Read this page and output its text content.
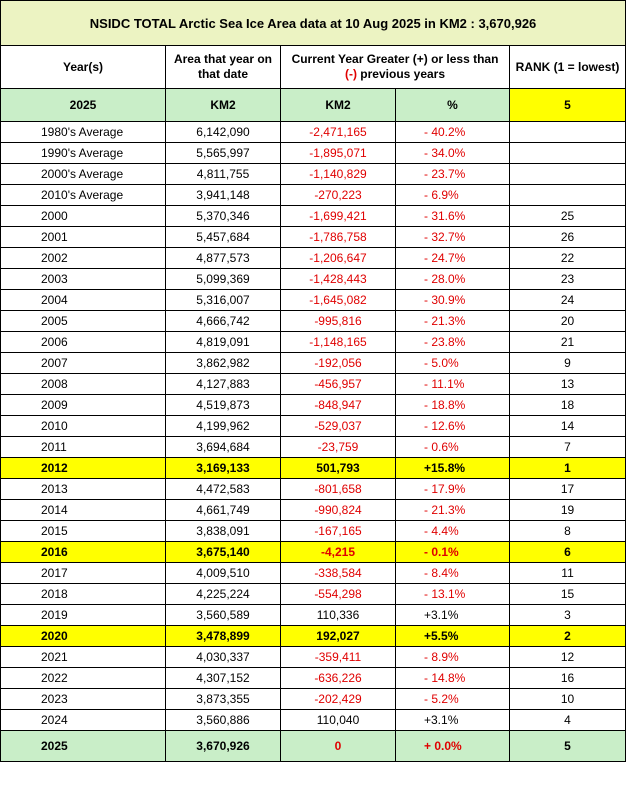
NSIDC TOTAL Arctic Sea Ice Area data at 10 Aug 2025 in KM2 : 3,670,926				
Year(s)	Area that year on that date	Current Year Greater (+) or less than (-) previous years		RANK (1 = lowest)
2025	KM2	KM2	%	5
1980's Average	6,142,090	-2,471,165	- 40.2%	
1990's Average	5,565,997	-1,895,071	- 34.0%	
2000's Average	4,811,755	-1,140,829	- 23.7%	
2010's Average	3,941,148	-270,223	- 6.9%	
2000	5,370,346	-1,699,421	- 31.6%	25
2001	5,457,684	-1,786,758	- 32.7%	26
2002	4,877,573	-1,206,647	- 24.7%	22
2003	5,099,369	-1,428,443	- 28.0%	23
2004	5,316,007	-1,645,082	- 30.9%	24
2005	4,666,742	-995,816	- 21.3%	20
2006	4,819,091	-1,148,165	- 23.8%	21
2007	3,862,982	-192,056	- 5.0%	9
2008	4,127,883	-456,957	- 11.1%	13
2009	4,519,873	-848,947	- 18.8%	18
2010	4,199,962	-529,037	- 12.6%	14
2011	3,694,684	-23,759	- 0.6%	7
2012	3,169,133	501,793	+15.8%	1
2013	4,472,583	-801,658	- 17.9%	17
2014	4,661,749	-990,824	- 21.3%	19
2015	3,838,091	-167,165	- 4.4%	8
2016	3,675,140	-4,215	- 0.1%	6
2017	4,009,510	-338,584	- 8.4%	11
2018	4,225,224	-554,298	- 13.1%	15
2019	3,560,589	110,336	+3.1%	3
2020	3,478,899	192,027	+5.5%	2
2021	4,030,337	-359,411	- 8.9%	12
2022	4,307,152	-636,226	- 14.8%	16
2023	3,873,355	-202,429	- 5.2%	10
2024	3,560,886	110,040	+3.1%	4
2025	3,670,926	0	+ 0.0%	5
